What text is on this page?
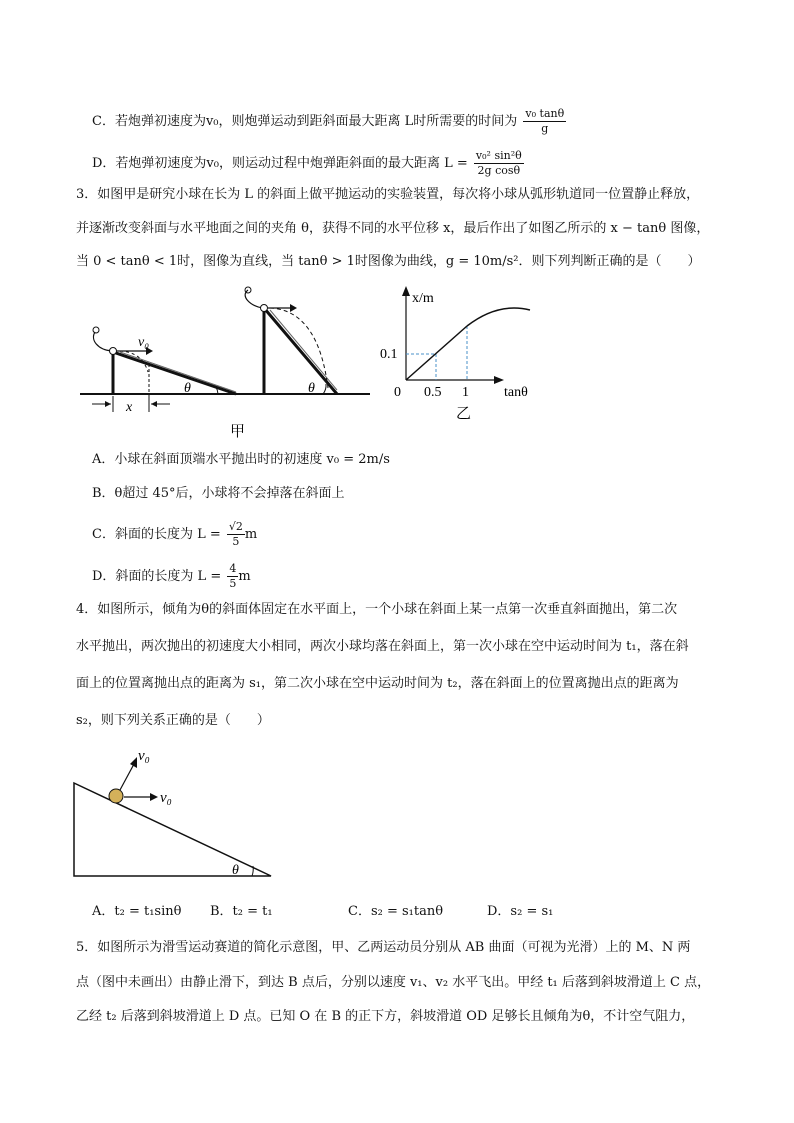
C．若炮弹初速度为v₀，则炮弹运动到距斜面最大距离 L时所需要的时间为 $\frac{\text{v₀ tanθ}}{g}$
D．若炮弹初速度为v₀，则运动过程中炮弹距斜面的最大距离 $L = \frac{\text{v₀² sin²θ}}{\text{2g cosθ}}$
3．如图甲是研究小球在长为 L 的斜面上做平抛运动的实验装置，每次将小球从弧形轨道同一位置静止释放，
并逐渐改变斜面与水平地面之间的夹角 θ，获得不同的水平位移 x，最后作出了如图乙所示的 x − tanθ 图像，
当 0 < tanθ < 1时，图像为直线，当 tanθ > 1时图像为曲线，g = 10m/s²．则下列判断正确的是（　　）
v₀
θ
x
θ
甲
x/m
tanθ
0
0.1
0.5 1
乙
A．小球在斜面顶端水平抛出时的初速度 v₀ = 2m/s
B．θ超过 45°后，小球将不会掉落在斜面上
C．斜面的长度为 $L = \frac{√2}{5}$ m
D．斜面的长度为 $L = \frac{4}{5}$ m
4．如图所示，倾角为θ的斜面体固定在水平面上，一个小球在斜面上某一点第一次垂直斜面抛出，第二次
水平抛出，两次抛出的初速度大小相同，两次小球均落在斜面上，第一次小球在空中运动时间为 t₁，落在斜
面上的位置离抛出点的距离为 s₁，第二次小球在空中运动时间为 t₂，落在斜面上的位置离抛出点的距离为
s₂，则下列关系正确的是（　　）
θ
v₀
v₀
A．t₂ = t₁sinθ B．t₂ = t₁	C．s₂ = s₁tanθ	D．s₂ = s₁
5．如图所示为滑雪运动赛道的简化示意图，甲、乙两运动员分别从 AB 曲面（可视为光滑）上的 M、N 两
点（图中未画出）由静止滑下，到达 B 点后，分别以速度 v₁、v₂ 水平飞出。甲经 t₁ 后落到斜坡滑道上 C 点，
乙经 t₂ 后落到斜坡滑道上 D 点。已知 O 在 B 的正下方，斜坡滑道 OD 足够长且倾角为θ，不计空气阻力，
